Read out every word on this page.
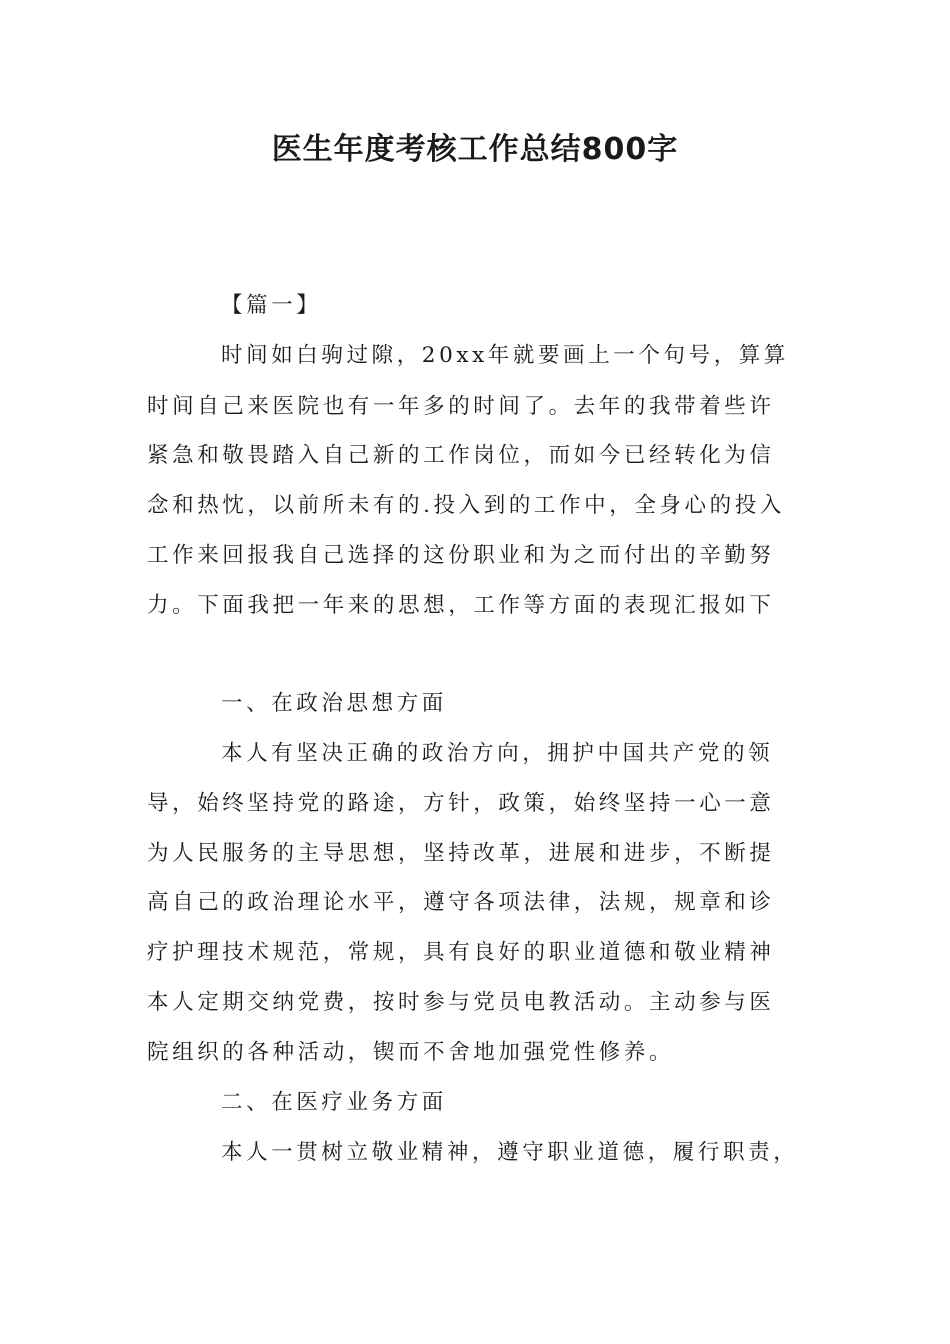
医生年度考核工作总结800字

【篇一】

时间如白驹过隙，20xx年就要画上一个句号，算算

时间自己来医院也有一年多的时间了。去年的我带着些许

紧急和敬畏踏入自己新的工作岗位，而如今已经转化为信

念和热忱，以前所未有的.投入到的工作中，全身心的投入

工作来回报我自己选择的这份职业和为之而付出的辛勤努

力。下面我把一年来的思想，工作等方面的表现汇报如下

一、在政治思想方面

本人有坚决正确的政治方向，拥护中国共产党的领

导，始终坚持党的路途，方针，政策，始终坚持一心一意

为人民服务的主导思想，坚持改革，进展和进步，不断提

高自己的政治理论水平，遵守各项法律，法规，规章和诊

疗护理技术规范，常规，具有良好的职业道德和敬业精神

本人定期交纳党费，按时参与党员电教活动。主动参与医

院组织的各种活动，锲而不舍地加强党性修养。

二、在医疗业务方面

本人一贯树立敬业精神，遵守职业道德，履行职责，
